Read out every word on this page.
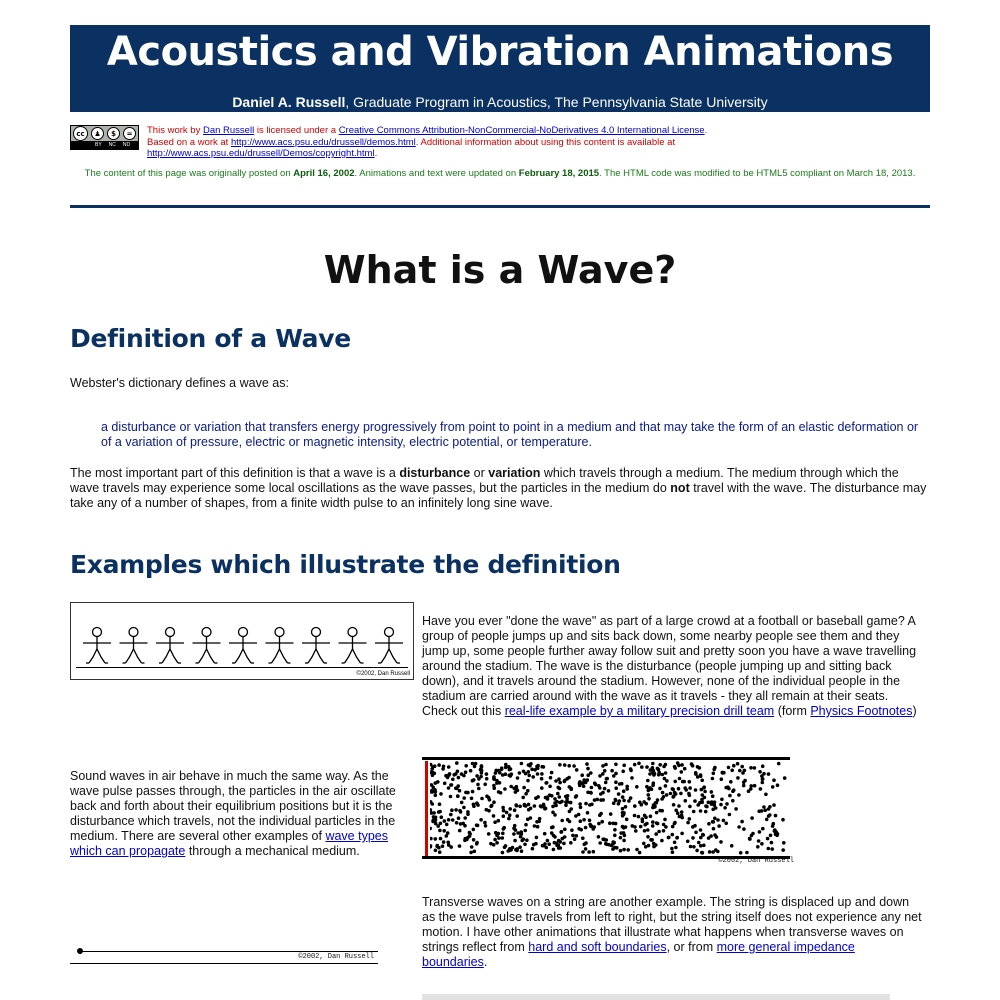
Acoustics and Vibration Animations
Daniel A. Russell, Graduate Program in Acoustics, The Pennsylvania State University
cc	♟	$	=
BY NC ND
This work by Dan Russell is licensed under a Creative Commons Attribution-NonCommercial-NoDerivatives 4.0 International License.
Based on a work at http://www.acs.psu.edu/drussell/demos.html. Additional information about using this content is available at
http://www.acs.psu.edu/drussell/Demos/copyright.html.
The content of this page was originally posted on April 16, 2002. Animations and text were updated on February 18, 2015. The HTML code was modified to be HTML5 compliant on March 18, 2013.
What is a Wave?
Definition of a Wave

Webster's dictionary defines a wave as:

a disturbance or variation that transfers energy progressively from point to point in a medium and that may take the form of an elastic deformation or of a variation of pressure, electric or magnetic intensity, electric potential, or temperature.

The most important part of this definition is that a wave is a disturbance or variation which travels through a medium. The medium through which the wave travels may experience some local oscillations as the wave passes, but the particles in the medium do not travel with the wave. The disturbance may take any of a number of shapes, from a finite width pulse to an infinitely long sine wave.

Examples which illustrate the definition
©2002, Dan Russell

Have you ever "done the wave" as part of a large crowd at a football or baseball game? A group of people jumps up and sits back down, some nearby people see them and they jump up, some people further away follow suit and pretty soon you have a wave travelling around the stadium. The wave is the disturbance (people jumping up and sitting back down), and it travels around the stadium. However, none of the individual people in the stadium are carried around with the wave as it travels - they all remain at their seats. Check out this real-life example by a military precision drill team (form Physics Footnotes)

Sound waves in air behave in much the same way. As the wave pulse passes through, the particles in the air oscillate back and forth about their equilibrium positions but it is the disturbance which travels, not the individual particles in the medium. There are several other examples of wave types which can propagate through a mechanical medium.

©2002, Dan Russell

Transverse waves on a string are another example. The string is displaced up and down as the wave pulse travels from left to right, but the string itself does not experience any net motion. I have other animations that illustrate what happens when transverse waves on strings reflect from hard and soft boundaries, or from more general impedance boundaries.

©2002, Dan Russell
